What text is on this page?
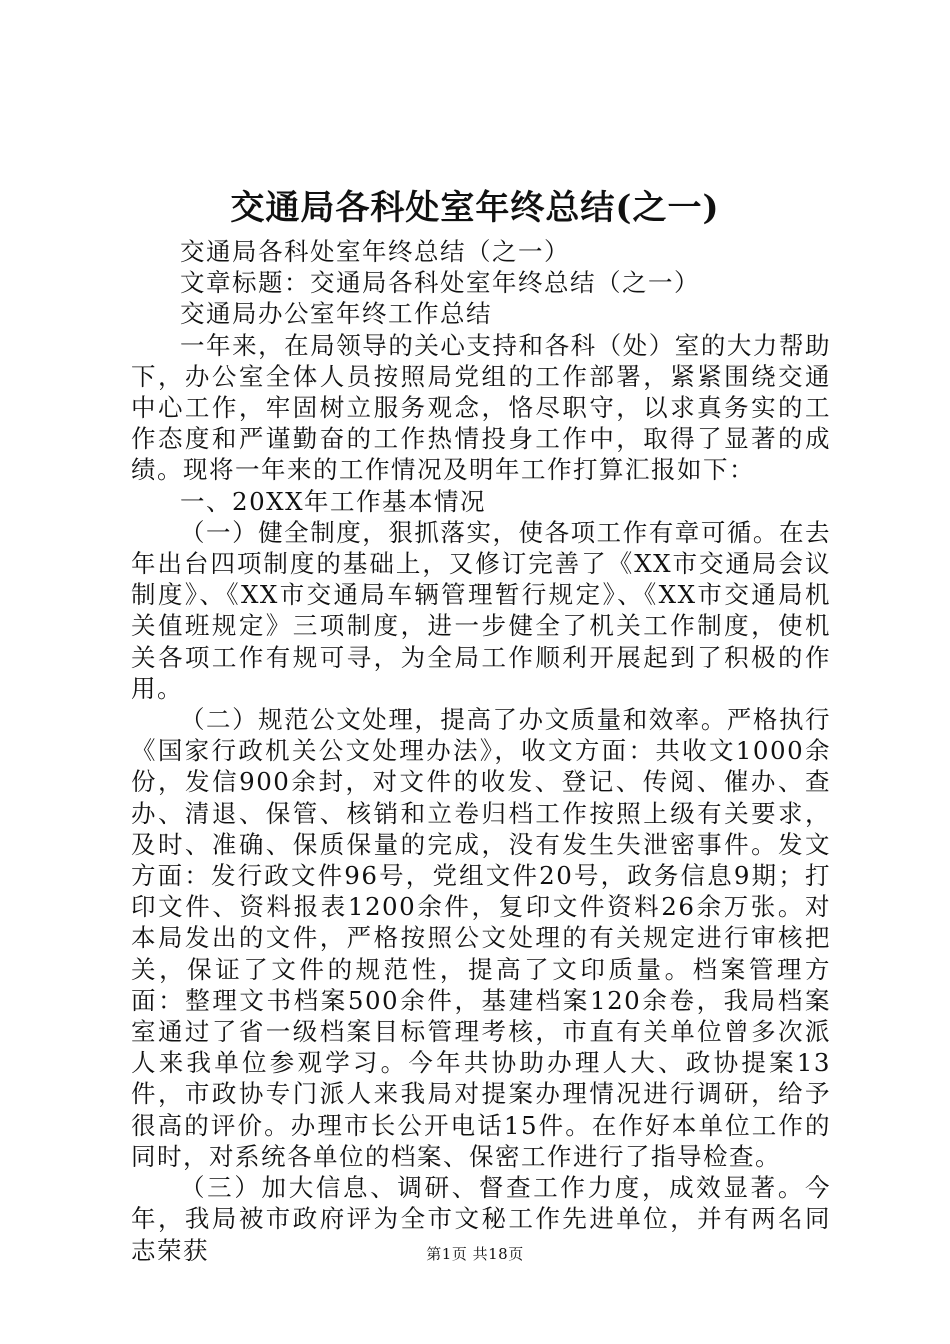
交通局各科处室年终总结(之一)

交通局各科处室年终总结（之一）

文章标题：交通局各科处室年终总结（之一）

交通局办公室年终工作总结

一年来，在局领导的关心支持和各科（处）室的大力帮助下，办公室全体人员按照局党组的工作部署，紧紧围绕交通中心工作，牢固树立服务观念，恪尽职守，以求真务实的工作态度和严谨勤奋的工作热情投身工作中，取得了显著的成绩。现将一年来的工作情况及明年工作打算汇报如下：

一、20XX年工作基本情况

（一）健全制度，狠抓落实，使各项工作有章可循。在去年出台四项制度的基础上，又修订完善了《XX市交通局会议制度》、《XX市交通局车辆管理暂行规定》、《XX市交通局机关值班规定》三项制度，进一步健全了机关工作制度，使机关各项工作有规可寻，为全局工作顺利开展起到了积极的作用。

（二）规范公文处理，提高了办文质量和效率。严格执行《国家行政机关公文处理办法》，收文方面：共收文1000余份，发信900余封，对文件的收发、登记、传阅、催办、查办、清退、保管、核销和立卷归档工作按照上级有关要求，及时、准确、保质保量的完成，没有发生失泄密事件。发文方面：发行政文件96号，党组文件20号，政务信息9期；打印文件、资料报表1200余件，复印文件资料26余万张。对本局发出的文件，严格按照公文处理的有关规定进行审核把关，保证了文件的规范性，提高了文印质量。档案管理方面：整理文书档案500余件，基建档案120余卷，我局档案室通过了省一级档案目标管理考核，市直有关单位曾多次派人来我单位参观学习。今年共协助办理人大、政协提案13件，市政协专门派人来我局对提案办理情况进行调研，给予很高的评价。办理市长公开电话15件。在作好本单位工作的同时，对系统各单位的档案、保密工作进行了指导检查。

（三）加大信息、调研、督查工作力度，成效显著。今年，我局被市政府评为全市文秘工作先进单位，并有两名同志荣获	第1页 共18页
